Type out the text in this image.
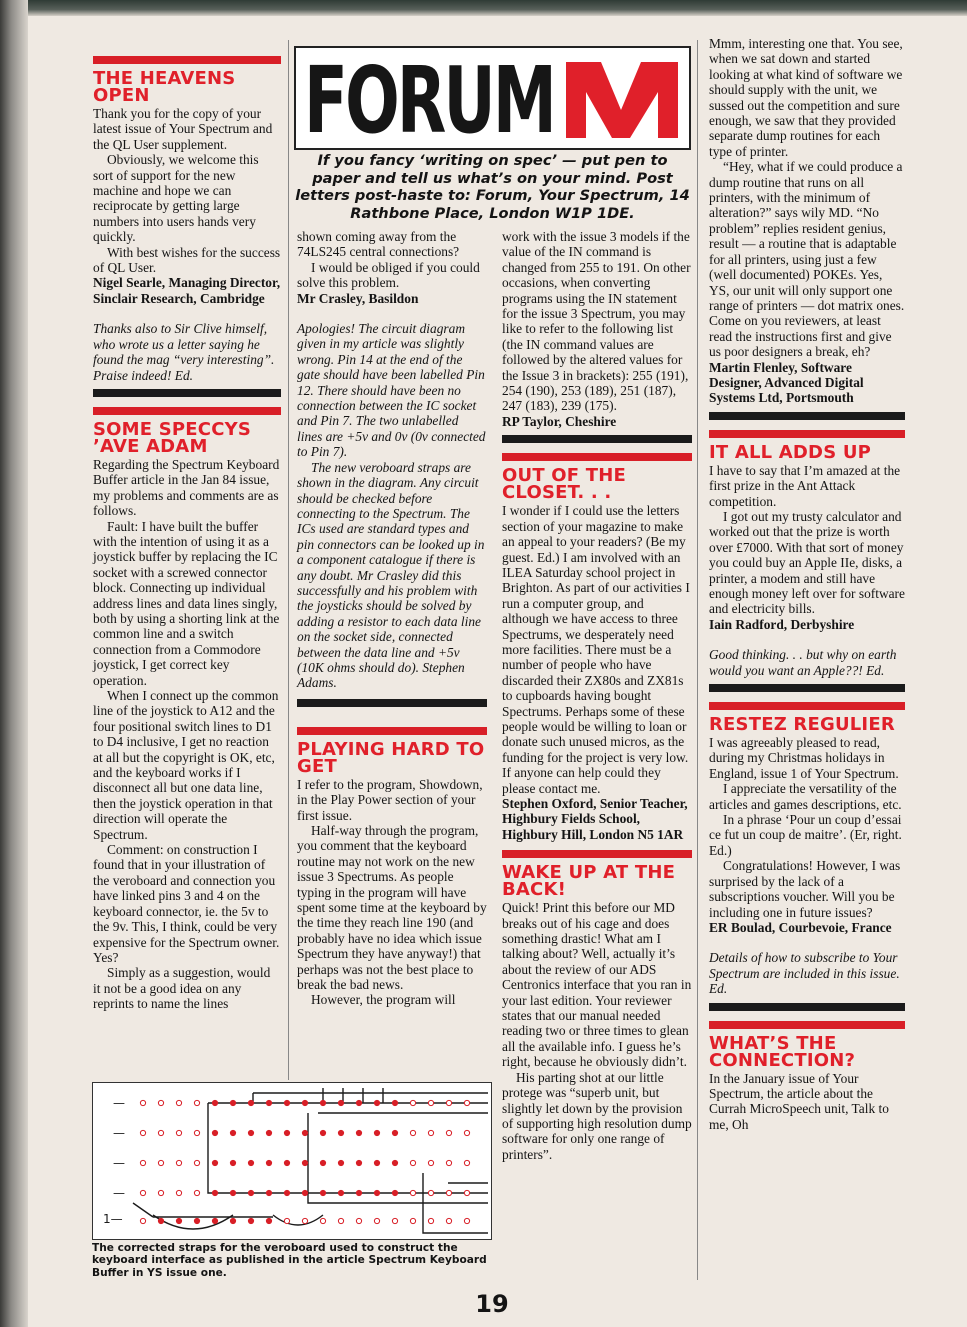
FORUM
If you fancy ‘writing on spec’ — put pen to paper and tell us what’s on your mind. Post letters post-haste to: Forum, Your Spectrum, 14 Rathbone Place, London W1P 1DE.
THE HEAVENS OPEN

Thank you for the copy of your latest issue of Your Spectrum and the QL User supplement.

Obviously, we welcome this sort of support for the new machine and hope we can reciprocate by getting large numbers into users hands very quickly.

With best wishes for the success of QL User.

Nigel Searle, Managing Director, Sinclair Research, Cambridge

Thanks also to Sir Clive himself, who wrote us a letter saying he found the mag “very interesting”. Praise indeed! Ed.

SOME SPECCYS ’AVE ADAM

Regarding the Spectrum Keyboard Buffer article in the Jan 84 issue, my problems and comments are as follows.

Fault: I have built the buffer with the intention of using it as a joystick buffer by replacing the IC socket with a screwed connector block. Connecting up individual address lines and data lines singly, both by using a shorting link at the common line and a switch connection from a Commodore joystick, I get correct key operation.

When I connect up the common line of the joystick to A12 and the four positional switch lines to D1 to D4 inclusive, I get no reaction at all but the copyright is OK, etc, and the keyboard works if I disconnect all but one data line, then the joystick operation in that direction will operate the Spectrum.

Comment: on construction I found that in your illustration of the veroboard and connection you have linked pins 3 and 4 on the keyboard connector, ie. the 5v to the 9v. This, I think, could be very expensive for the Spectrum owner. Yes?

Simply as a suggestion, would it not be a good idea on any reprints to name the lines

shown coming away from the 74LS245 central connections?

I would be obliged if you could solve this problem.

Mr Crasley, Basildon

Apologies! The circuit diagram given in my article was slightly wrong. Pin 14 at the end of the gate should have been labelled Pin 12. There should have been no connection between the IC socket and Pin 7. The two unlabelled lines are +5v and 0v (0v connected to Pin 7).

The new veroboard straps are shown in the diagram. Any circuit should be checked before connecting to the Spectrum. The ICs used are standard types and pin connectors can be looked up in a component catalogue if there is any doubt. Mr Crasley did this successfully and his problem with the joysticks should be solved by adding a resistor to each data line on the socket side, connected between the data line and +5v (10K ohms should do). Stephen Adams.

PLAYING HARD TO GET

I refer to the program, Showdown, in the Play Power section of your first issue.

Half-way through the program, you comment that the keyboard routine may not work on the new issue 3 Spectrums. As people typing in the program will have spent some time at the keyboard by the time they reach line 190 (and probably have no idea which issue Spectrum they have anyway!) that perhaps was not the best place to break the bad news.

However, the program will

work with the issue 3 models if the value of the IN command is changed from 255 to 191. On other occasions, when converting programs using the IN statement for the issue 3 Spectrum, you may like to refer to the following list (the IN command values are followed by the altered values for the Issue 3 in brackets): 255 (191), 254 (190), 253 (189), 251 (187), 247 (183), 239 (175).

RP Taylor, Cheshire

OUT OF THE CLOSET. . .

I wonder if I could use the letters section of your magazine to make an appeal to your readers? (Be my guest. Ed.) I am involved with an ILEA Saturday school project in Brighton. As part of our activities I run a computer group, and although we have access to three Spectrums, we desperately need more facilities. There must be a number of people who have discarded their ZX80s and ZX81s to cupboards having bought Spectrums. Perhaps some of these people would be willing to loan or donate such unused micros, as the funding for the project is very low. If anyone can help could they please contact me.

Stephen Oxford, Senior Teacher, Highbury Fields School, Highbury Hill, London N5 1AR

WAKE UP AT THE BACK!

Quick! Print this before our MD breaks out of his cage and does something drastic! What am I talking about? Well, actually it’s about the review of our ADS Centronics interface that you ran in your last edition. Your reviewer states that our manual needed reading two or three times to glean all the available info. I guess he’s right, because he obviously didn’t.

His parting shot at our little protege was “superb unit, but slightly let down by the provision of supporting high resolution dump software for only one range of printers”.

Mmm, interesting one that. You see, when we sat down and started looking at what kind of software we should supply with the unit, we sussed out the competition and sure enough, we saw that they provided separate dump routines for each type of printer.

“Hey, what if we could produce a dump routine that runs on all printers, with the minimum of alteration?” says wily MD. “No problem” replies resident genius, result — a routine that is adaptable for all printers, using just a few (well documented) POKEs. Yes, YS, our unit will only support one range of printers — dot matrix ones. Come on you reviewers, at least read the instructions first and give us poor designers a break, eh?

Martin Flenley, Software Designer, Advanced Digital Systems Ltd, Portsmouth

IT ALL ADDS UP

I have to say that I’m amazed at the first prize in the Ant Attack competition.

I got out my trusty calculator and worked out that the prize is worth over £7000. With that sort of money you could buy an Apple IIe, disks, a printer, a modem and still have enough money left over for software and electricity bills.

Iain Radford, Derbyshire

Good thinking. . . but why on earth would you want an Apple??! Ed.

RESTEZ REGULIER

I was agreeably pleased to read, during my Christmas holidays in England, issue 1 of Your Spectrum.

I appreciate the versatility of the articles and games descriptions, etc.

In a phrase ‘Pour un coup d’essai ce fut un coup de maitre’. (Er, right. Ed.)

Congratulations! However, I was surprised by the lack of a subscriptions voucher. Will you be including one in future issues?

ER Boulad, Courbevoie, France

Details of how to subscribe to Your Spectrum are included in this issue. Ed.

WHAT’S THE CONNECTION?

In the January issue of Your Spectrum, the article about the Currah MicroSpeech unit, Talk to me, Oh

—
—
—
—
1—
The corrected straps for the veroboard used to construct the keyboard interface as published in the article Spectrum Keyboard Buffer in YS issue one.
19
